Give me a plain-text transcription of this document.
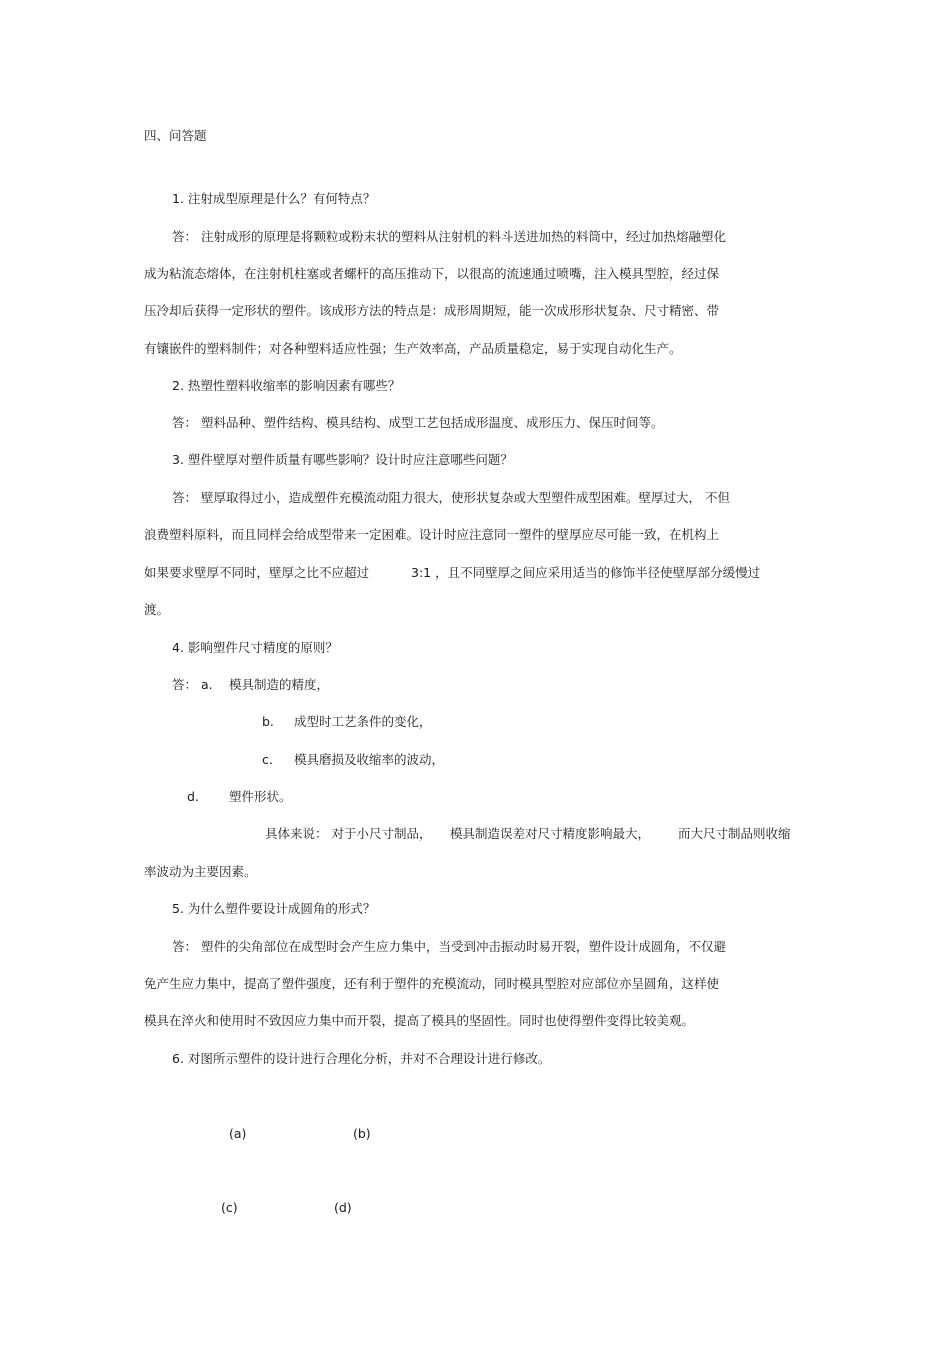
四、问答题
1. 注射成型原理是什么？有何特点？
答： 注射成形的原理是将颗粒或粉末状的塑料从注射机的料斗送进加热的料筒中，经过加热熔融塑化
成为粘流态熔体，在注射机柱塞或者螺杆的高压推动下，以很高的流速通过喷嘴，注入模具型腔，经过保
压冷却后获得一定形状的塑件。该成形方法的特点是：成形周期短，能一次成形形状复杂、尺寸精密、带
有镶嵌件的塑料制件；对各种塑料适应性强；生产效率高，产品质量稳定，易于实现自动化生产。
2. 热塑性塑料收缩率的影响因素有哪些？
答： 塑料品种、塑件结构、模具结构、成型工艺包括成形温度、成形压力、保压时间等。
3. 塑件壁厚对塑件质量有哪些影响？设计时应注意哪些问题？
答： 壁厚取得过小，造成塑件充模流动阻力很大，使形状复杂或大型塑件成型困难。壁厚过大， 不但
浪费塑料原料，而且同样会给成型带来一定困难。设计时应注意同一塑件的壁厚应尽可能一致，在机构上
如果要求壁厚不同时，壁厚之比不应超过	3:1 ，且不同壁厚之间应采用适当的修饰半径使壁厚部分缓慢过
渡。
4. 影响塑件尺寸精度的原则？
答： a. 模具制造的精度，
b. 成型时工艺条件的变化，
c. 模具磨损及收缩率的波动，
d. 塑件形状。
具体来说： 对于小尺寸制品， 模具制造误差对尺寸精度影响最大， 而大尺寸制品则收缩
率波动为主要因素。
5. 为什么塑件要设计成圆角的形式？
答： 塑件的尖角部位在成型时会产生应力集中，当受到冲击振动时易开裂，塑件设计成圆角，不仅避
免产生应力集中，提高了塑件强度，还有利于塑件的充模流动，同时模具型腔对应部位亦呈圆角，这样使
模具在淬火和使用时不致因应力集中而开裂，提高了模具的坚固性。同时也使得塑件变得比较美观。
6. 对图所示塑件的设计进行合理化分析，并对不合理设计进行修改。
(a)	(b)
(c)	(d)
